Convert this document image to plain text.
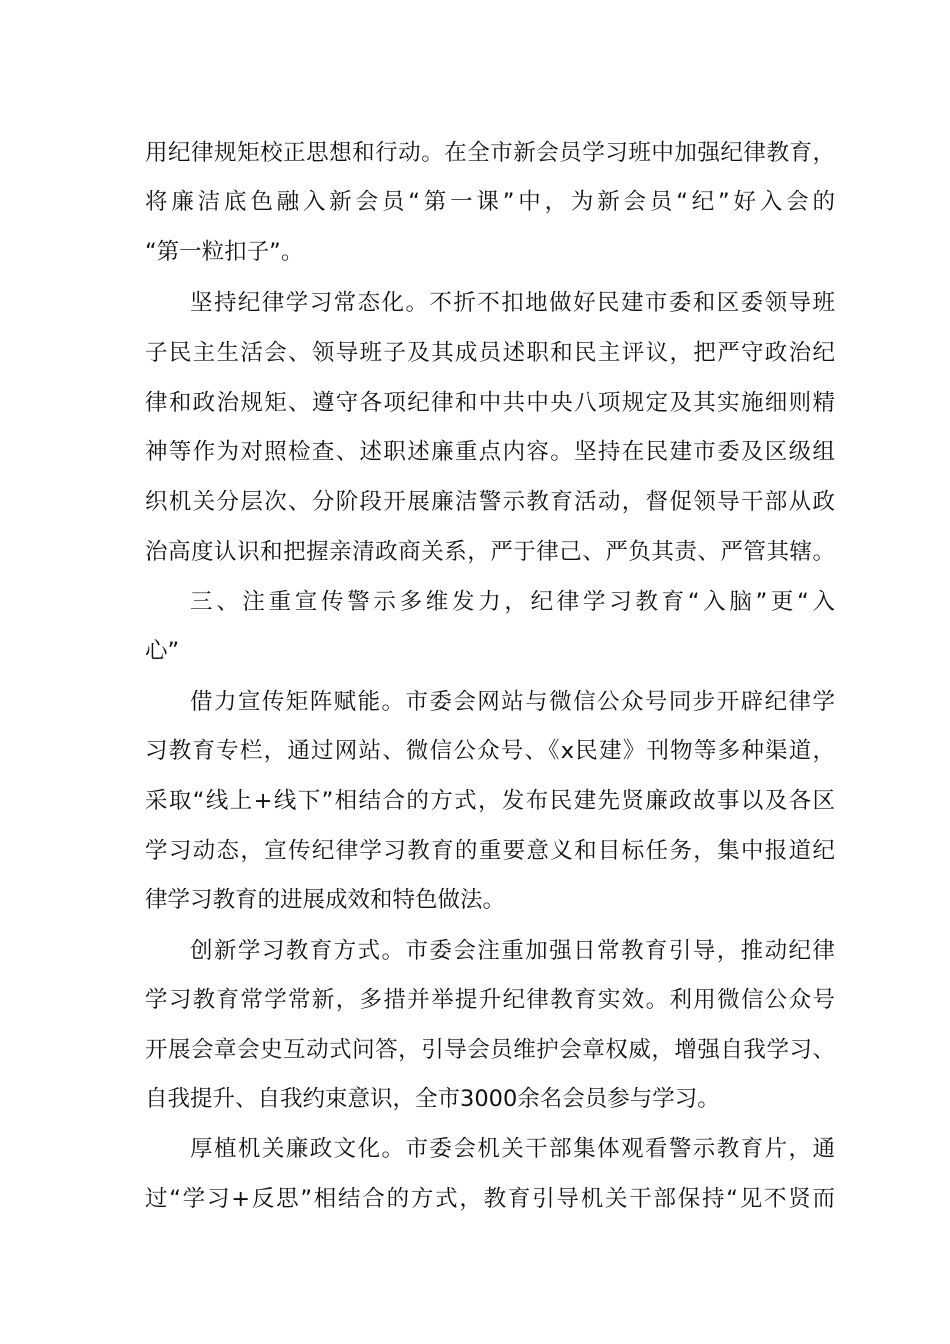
用纪律规矩校正思想和行动。在全市新会员学习班中加强纪律教育，
将廉洁底色融入新会员“第一课”中，为新会员“纪”好入会的
“第一粒扣子”。
坚持纪律学习常态化。不折不扣地做好民建市委和区委领导班
子民主生活会、领导班子及其成员述职和民主评议，把严守政治纪
律和政治规矩、遵守各项纪律和中共中央八项规定及其实施细则精
神等作为对照检查、述职述廉重点内容。坚持在民建市委及区级组
织机关分层次、分阶段开展廉洁警示教育活动，督促领导干部从政
治高度认识和把握亲清政商关系，严于律己、严负其责、严管其辖。
三、注重宣传警示多维发力，纪律学习教育“入脑”更“入
心”
借力宣传矩阵赋能。市委会网站与微信公众号同步开辟纪律学
习教育专栏，通过网站、微信公众号、《x民建》刊物等多种渠道，
采取“线上+线下”相结合的方式，发布民建先贤廉政故事以及各区
学习动态，宣传纪律学习教育的重要意义和目标任务，集中报道纪
律学习教育的进展成效和特色做法。
创新学习教育方式。市委会注重加强日常教育引导，推动纪律
学习教育常学常新，多措并举提升纪律教育实效。利用微信公众号
开展会章会史互动式问答，引导会员维护会章权威，增强自我学习、
自我提升、自我约束意识，全市3000余名会员参与学习。
厚植机关廉政文化。市委会机关干部集体观看警示教育片，通
过“学习+反思”相结合的方式，教育引导机关干部保持“见不贤而
